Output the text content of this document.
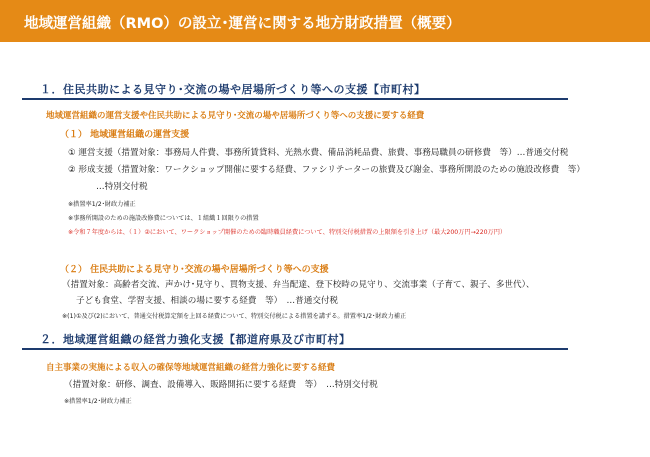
地域運営組織（RMO）の設立･運営に関する地方財政措置（概要）
１．住民共助による見守り･交流の場や居場所づくり等への支援【市町村】
地域運営組織の運営支援や住民共助による見守り･交流の場や居場所づくり等への支援に要する経費
（１） 地域運営組織の運営支援
① 運営支援（措置対象：事務局人件費、事務所賃貸料、光熱水費、備品消耗品費、旅費、事務局職員の研修費　等）…普通交付税
② 形成支援（措置対象：ワークショップ開催に要する経費、ファシリテーターの旅費及び謝金、事務所開設のための施設改修費　等）
…特別交付税
※措置率1/2･財政力補正
※事務所開設のための施設改修費については、１組織１回限りの措置
※令和７年度からは、（１）②において、ワークショップ開催のための臨時職員経費について、特別交付税措置の上限額を引き上げ（最大200万円→220万円）
（２） 住民共助による見守り･交流の場や居場所づくり等への支援
（措置対象：高齢者交流、声かけ･見守り、買物支援、弁当配達、登下校時の見守り、交流事業（子育て、親子、多世代）、
子ども食堂、学習支援、相談の場に要する経費　等）　…普通交付税
※(1)①及び(2)において、普通交付税算定額を上回る経費について、特別交付税による措置を講ずる。措置率1/2･財政力補正
２．地域運営組織の経営力強化支援【都道府県及び市町村】
自主事業の実施による収入の確保等地域運営組織の経営力強化に要する経費
（措置対象：研修、調査、設備導入、販路開拓に要する経費　等）　…特別交付税
※措置率1/2･財政力補正
